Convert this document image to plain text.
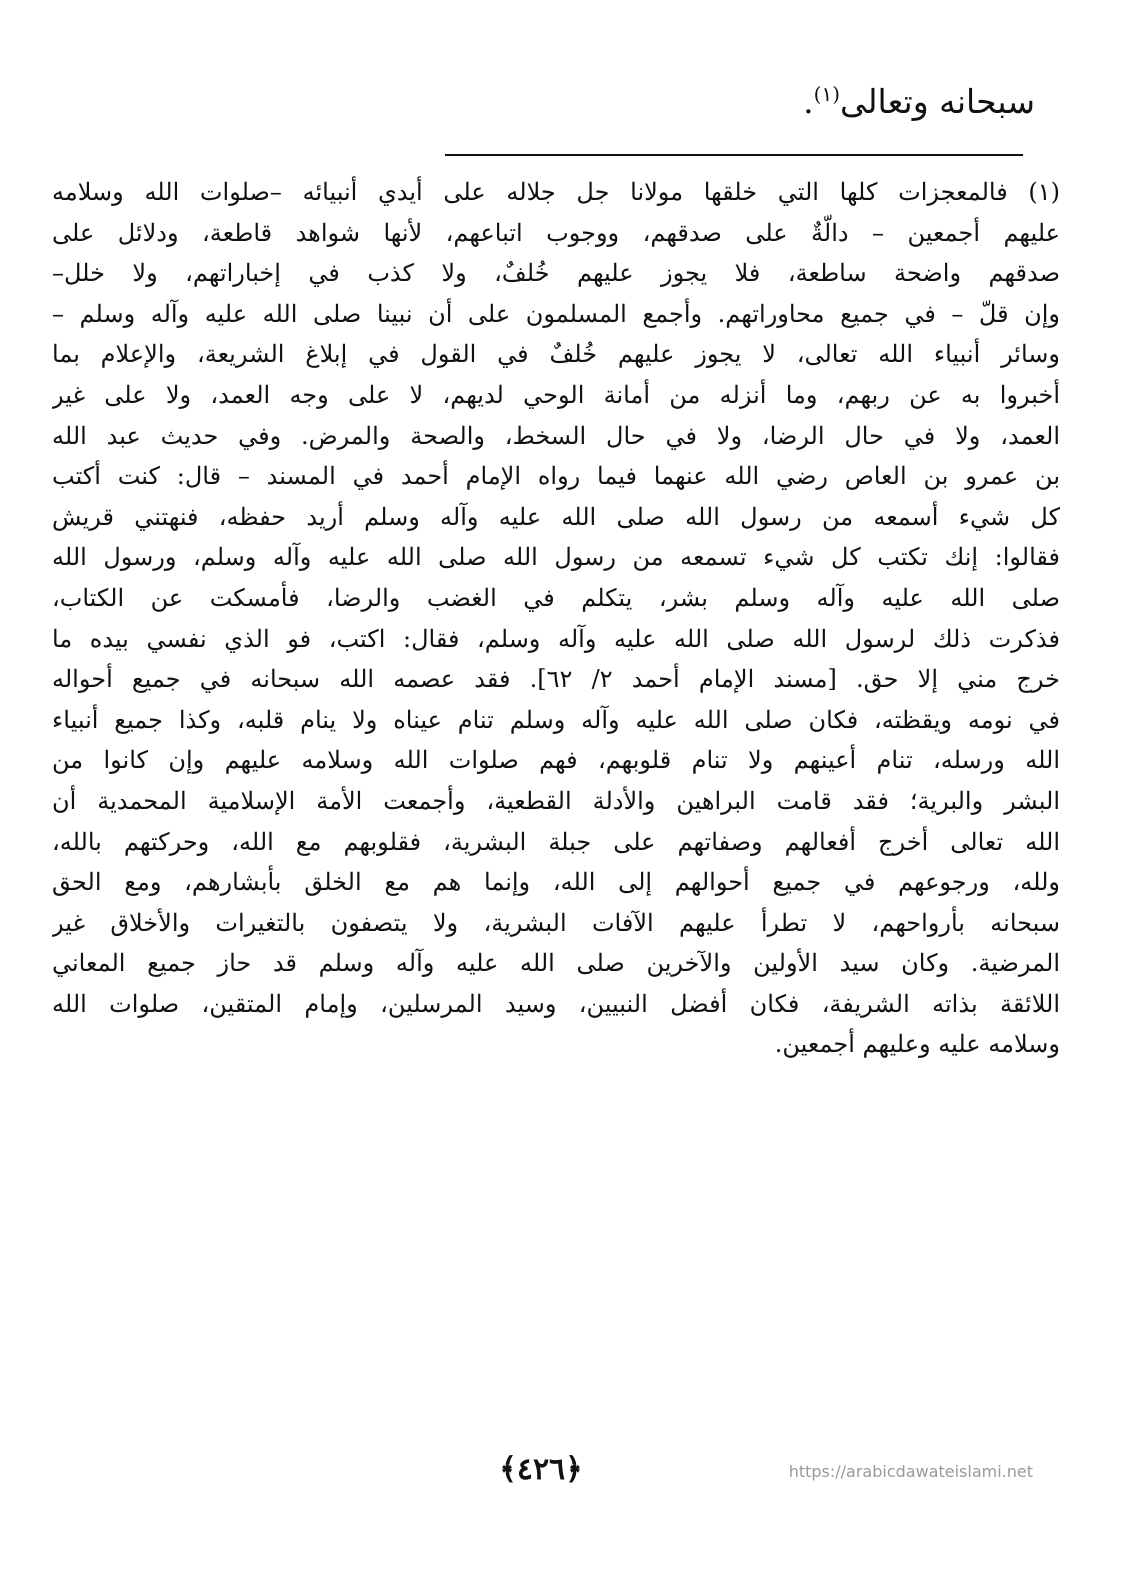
سبحانه وتعالى$^{(١)}$.
(١) فالمعجزات كلها التي خلقها مولانا جل جلاله على أيدي أنبيائه –صلوات الله وسلامه
عليهم أجمعين – دالّةٌ على صدقهم، ووجوب اتباعهم، لأنها شواهد قاطعة، ودلائل على
صدقهم واضحة ساطعة، فلا يجوز عليهم خُلفٌ، ولا كذب في إخباراتهم، ولا خلل–
وإن قلّ – في جميع محاوراتهم. وأجمع المسلمون على أن نبينا صلى الله عليه وآله وسلم –
وسائر أنبياء الله تعالى، لا يجوز عليهم خُلفٌ في القول في إبلاغ الشريعة، والإعلام بما
أخبروا به عن ربهم، وما أنزله من أمانة الوحي لديهم، لا على وجه العمد، ولا على غير
العمد، ولا في حال الرضا، ولا في حال السخط، والصحة والمرض. وفي حديث عبد الله
بن عمرو بن العاص رضي الله عنهما فيما رواه الإمام أحمد في المسند – قال: كنت أكتب
كل شيء أسمعه من رسول الله صلى الله عليه وآله وسلم أريد حفظه، فنهتني قريش
فقالوا: إنك تكتب كل شيء تسمعه من رسول الله صلى الله عليه وآله وسلم، ورسول الله
صلى الله عليه وآله وسلم بشر، يتكلم في الغضب والرضا، فأمسكت عن الكتاب،
فذكرت ذلك لرسول الله صلى الله عليه وآله وسلم، فقال: اكتب، فو الذي نفسي بيده ما
خرج مني إلا حق. [مسند الإمام أحمد ٢/ ٦٢]. فقد عصمه الله سبحانه في جميع أحواله
في نومه ويقظته، فكان صلى الله عليه وآله وسلم تنام عيناه ولا ينام قلبه، وكذا جميع أنبياء
الله ورسله، تنام أعينهم ولا تنام قلوبهم، فهم صلوات الله وسلامه عليهم وإن كانوا من
البشر والبرية؛ فقد قامت البراهين والأدلة القطعية، وأجمعت الأمة الإسلامية المحمدية أن
الله تعالى أخرج أفعالهم وصفاتهم على جبلة البشرية، فقلوبهم مع الله، وحركتهم بالله،
ولله، ورجوعهم في جميع أحوالهم إلى الله، وإنما هم مع الخلق بأبشارهم، ومع الحق
سبحانه بأرواحهم، لا تطرأ عليهم الآفات البشرية، ولا يتصفون بالتغيرات والأخلاق غير
المرضية. وكان سيد الأولين والآخرين صلى الله عليه وآله وسلم قد حاز جميع المعاني
اللائقة بذاته الشريفة، فكان أفضل النبيين، وسيد المرسلين، وإمام المتقين، صلوات الله
وسلامه عليه وعليهم أجمعين.
﴿٤٢٦﴾	https://arabicdawateislami.net
